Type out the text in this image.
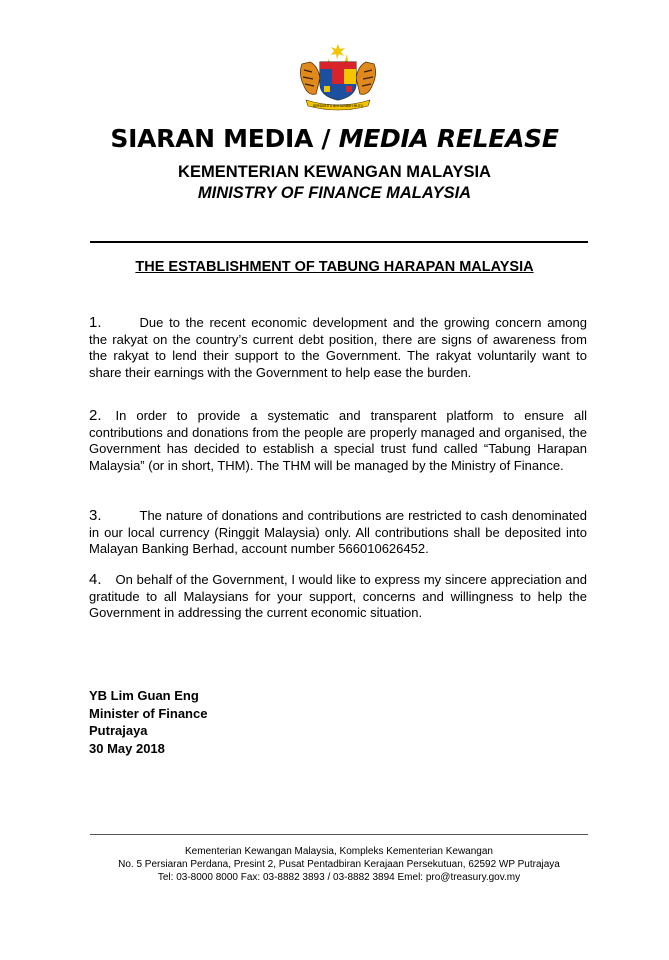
BERSEKUTU BERTAMBAH MUTU
SIARAN MEDIA / MEDIA RELEASE
KEMENTERIAN KEWANGAN MALAYSIA
MINISTRY OF FINANCE MALAYSIA
THE ESTABLISHMENT OF TABUNG HARAPAN MALAYSIA
1.	Due to the recent economic development and the growing concern among the rakyat on the country’s current debt position, there are signs of awareness from the rakyat to lend their support to the Government. The rakyat voluntarily want to share their earnings with the Government to help ease the burden.
2. In order to provide a systematic and transparent platform to ensure all contributions and donations from the people are properly managed and organised, the Government has decided to establish a special trust fund called “Tabung Harapan Malaysia” (or in short, THM). The THM will be managed by the Ministry of Finance.
3.	The nature of donations and contributions are restricted to cash denominated in our local currency (Ringgit Malaysia) only. All contributions shall be deposited into Malayan Banking Berhad, account number 566010626452.
4. On behalf of the Government, I would like to express my sincere appreciation and gratitude to all Malaysians for your support, concerns and willingness to help the Government in addressing the current economic situation.
YB Lim Guan Eng
Minister of Finance
Putrajaya
30 May 2018
Kementerian Kewangan Malaysia, Kompleks Kementerian Kewangan
No. 5 Persiaran Perdana, Presint 2, Pusat Pentadbiran Kerajaan Persekutuan, 62592 WP Putrajaya
Tel: 03-8000 8000 Fax: 03-8882 3893 / 03-8882 3894 Emel: pro@treasury.gov.my
